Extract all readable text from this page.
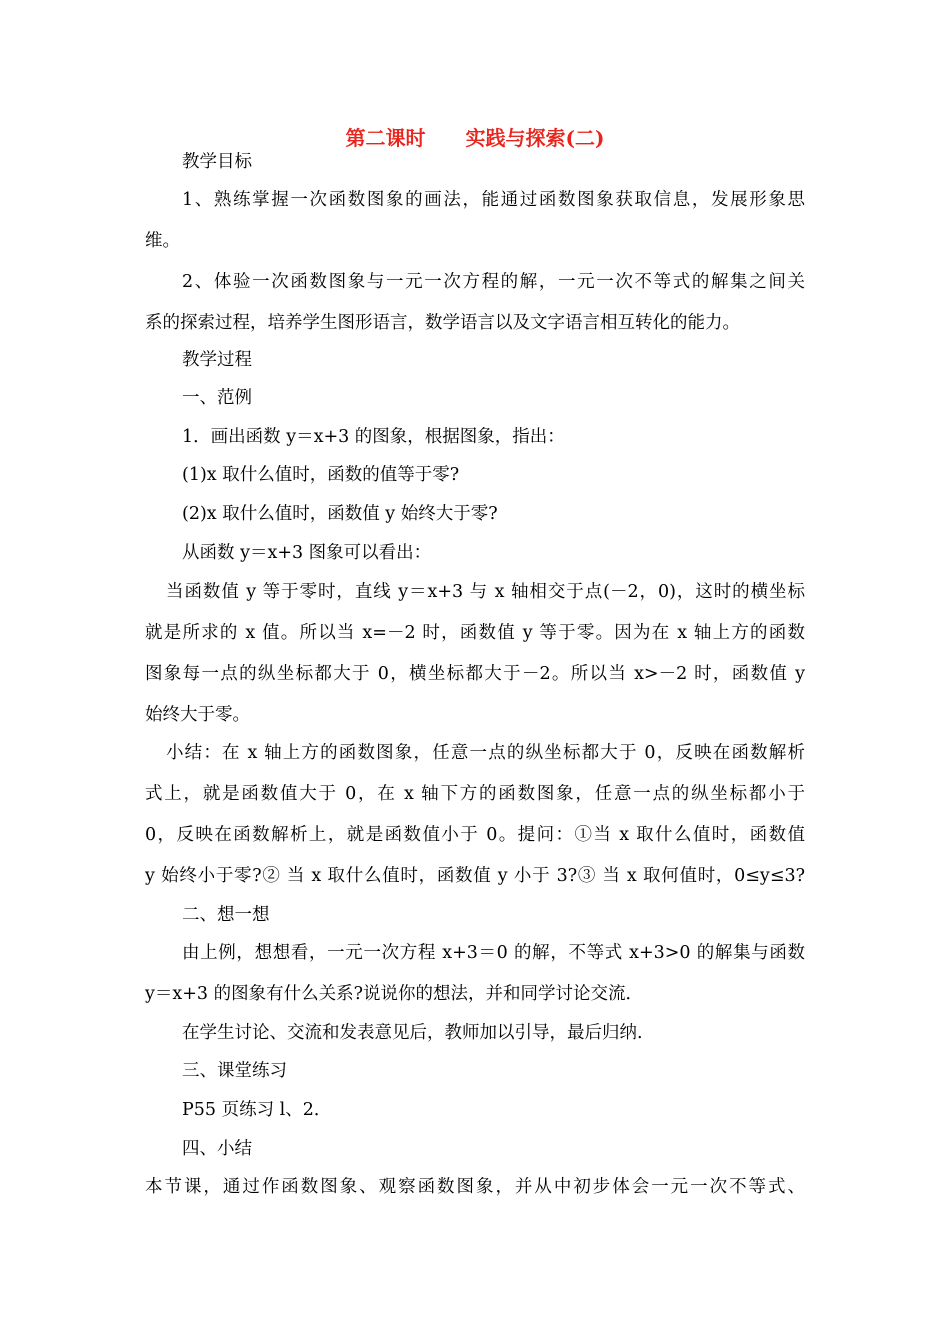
第二课时　　实践与探索(二)
教学目标
1、熟练掌握一次函数图象的画法，能通过函数图象获取信息，发展形象思
维。
2、体验一次函数图象与一元一次方程的解，一元一次不等式的解集之间关
系的探索过程，培养学生图形语言，数学语言以及文字语言相互转化的能力。
教学过程
一、范例
1．画出函数 y＝x+3 的图象，根据图象，指出：
(1)x 取什么值时，函数的值等于零?
(2)x 取什么值时，函数值 y 始终大于零?
从函数 y＝x+3 图象可以看出：
当函数值 y 等于零时，直线 y＝x+3 与 x 轴相交于点(－2，0)，这时的横坐标
就是所求的 x 值。所以当 x=－2 时，函数值 y 等于零。因为在 x 轴上方的函数
图象每一点的纵坐标都大于 0，横坐标都大于－2。所以当 x>－2 时，函数值 y
始终大于零。
小结：在 x 轴上方的函数图象，任意一点的纵坐标都大于 0，反映在函数解析
式上，就是函数值大于 0，在 x 轴下方的函数图象，任意一点的纵坐标都小于
0，反映在函数解析上，就是函数值小于 0。提问：①当 x 取什么值时，函数值
y 始终小于零?② 当 x 取什么值时，函数值 y 小于 3?③ 当 x 取何值时，0≤y≤3?
二、想一想
由上例，想想看，一元一次方程 x+3＝0 的解，不等式 x+3>0 的解集与函数
y＝x+3 的图象有什么关系?说说你的想法，并和同学讨论交流．
在学生讨论、交流和发表意见后，教师加以引导，最后归纳.
三、课堂练习
P55 页练习 l、2．
四、小结
本节课，通过作函数图象、观察函数图象，并从中初步体会一元一次不等式、
